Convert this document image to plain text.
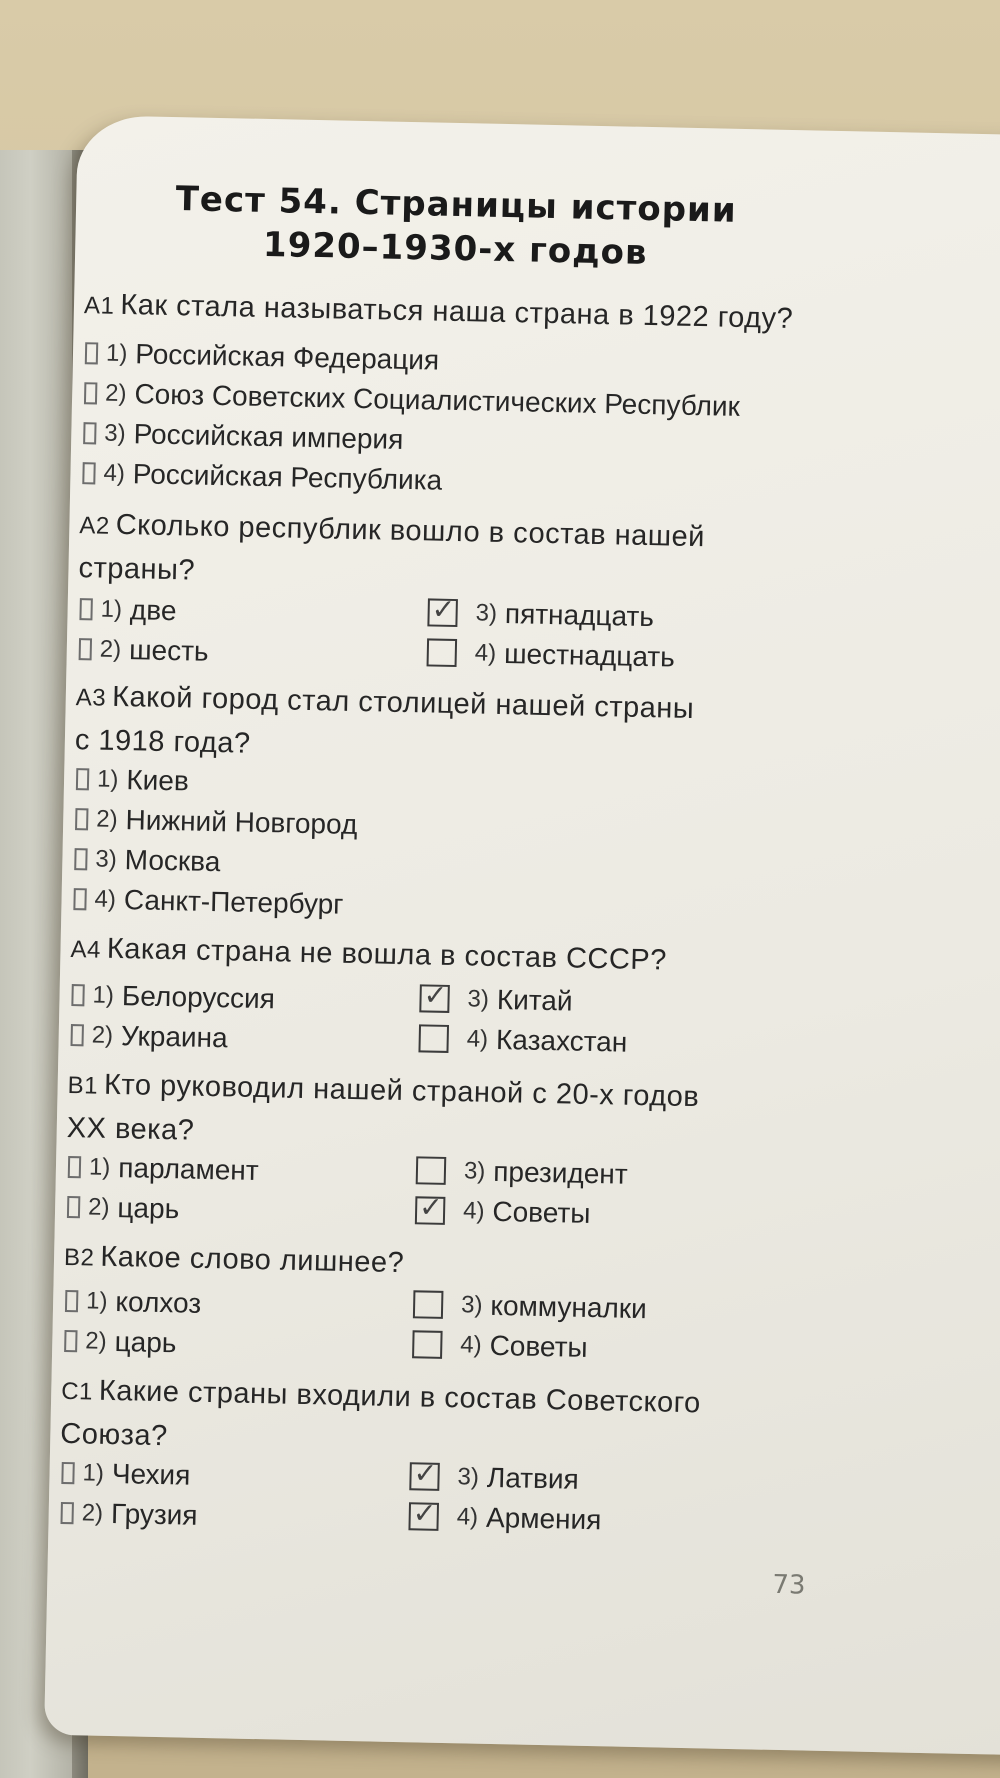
Тест 54. Страницы истории
1920–1930-х годов
A1 Как стала называться наша страна в 1922 году?
1) Российская Федерация
2) Союз Советских Социалистических Республик
3) Российская империя
4) Российская Республика
A2 Сколько республик вошло в состав нашей
страны?
1) две
2) шесть
✓ 3) пятнадцать
4) шестнадцать
A3 Какой город стал столицей нашей страны
с 1918 года?
1) Киев
2) Нижний Новгород
3) Москва
4) Санкт-Петербург
A4 Какая страна не вошла в состав СССР?
1) Белоруссия
2) Украина
✓ 3) Китай
4) Казахстан
B1 Кто руководил нашей страной с 20-х годов
XX века?
1) парламент
2) царь
3) президент
✓ 4) Советы
B2 Какое слово лишнее?
1) колхоз
2) царь
3) коммуналки
4) Советы
C1 Какие страны входили в состав Советского
Союза?
1) Чехия
2) Грузия
✓ 3) Латвия
✓ 4) Армения
73
